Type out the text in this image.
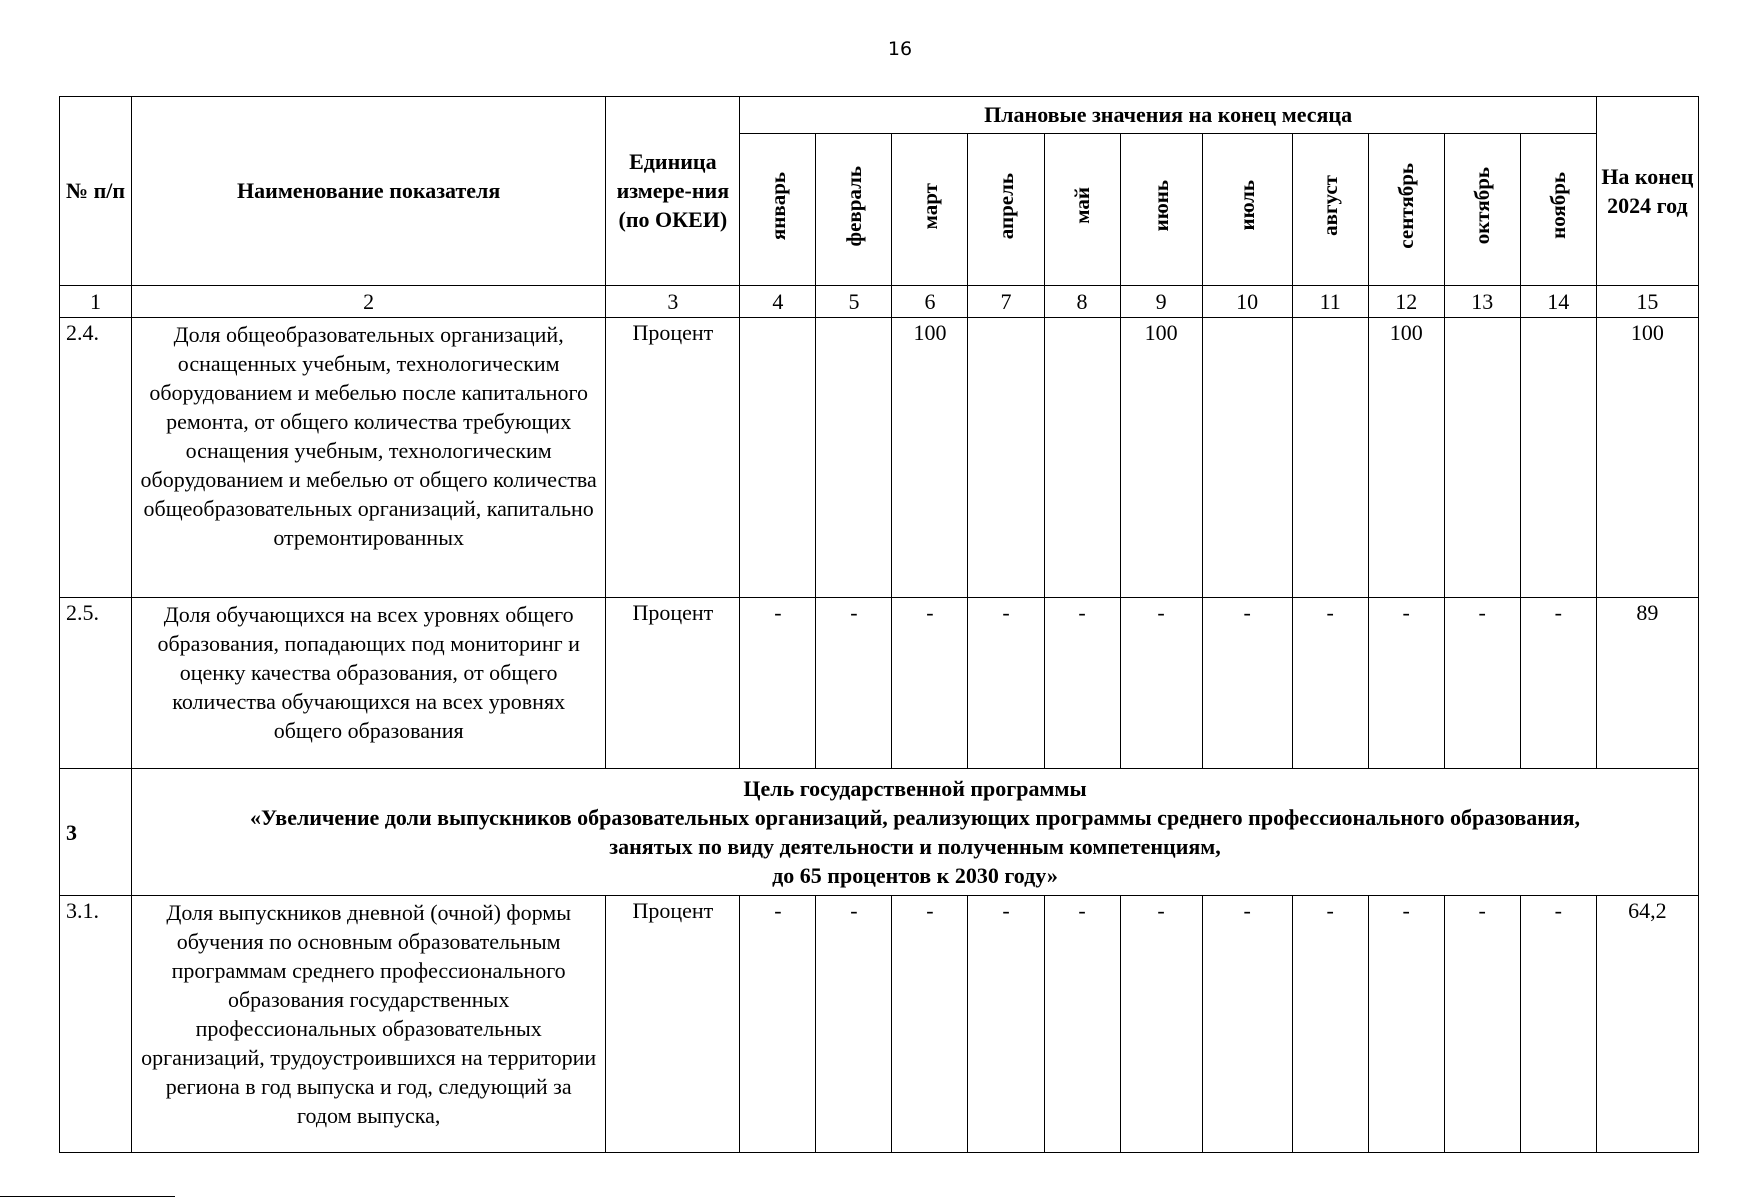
16
№ п/п	Наименование показателя	Единица измере-ния (по ОКЕИ)	Плановые значения на конец месяца											На конец 2024 год
			январь	февраль	март	апрель	май	июнь	июль	август	сентябрь	октябрь	ноябрь	
1	2	3	4	5	6	7	8	9	10	11	12	13	14	15
2.4.	Доля общеобразовательных организаций, оснащенных учебным, технологическим оборудованием и мебелью после капитального ремонта, от общего количества требующих оснащения учебным, технологическим оборудованием и мебелью от общего количества общеобразовательных организаций, капитально отремонтированных	Процент			100			100			100			100
2.5.	Доля обучающихся на всех уровнях общего образования, попадающих под мониторинг и оценку качества образования, от общего количества обучающихся на всех уровнях общего образования	Процент	-	-	-	-	-	-	-	-	-	-	-	89
3	Цель государственной программы
«Увеличение доли выпускников образовательных организаций, реализующих программы среднего профессионального образования,
занятых по виду деятельности и полученным компетенциям,
до 65 процентов к 2030 году»													

3.1.	Доля выпускников дневной (очной) формы обучения по основным образовательным программам среднего профессионального образования государственных профессиональных образовательных организаций, трудоустроившихся на территории региона в год выпуска и год, следующий за годом выпуска,	Процент	-	-	-	-	-	-	-	-	-	-	-	64,2
